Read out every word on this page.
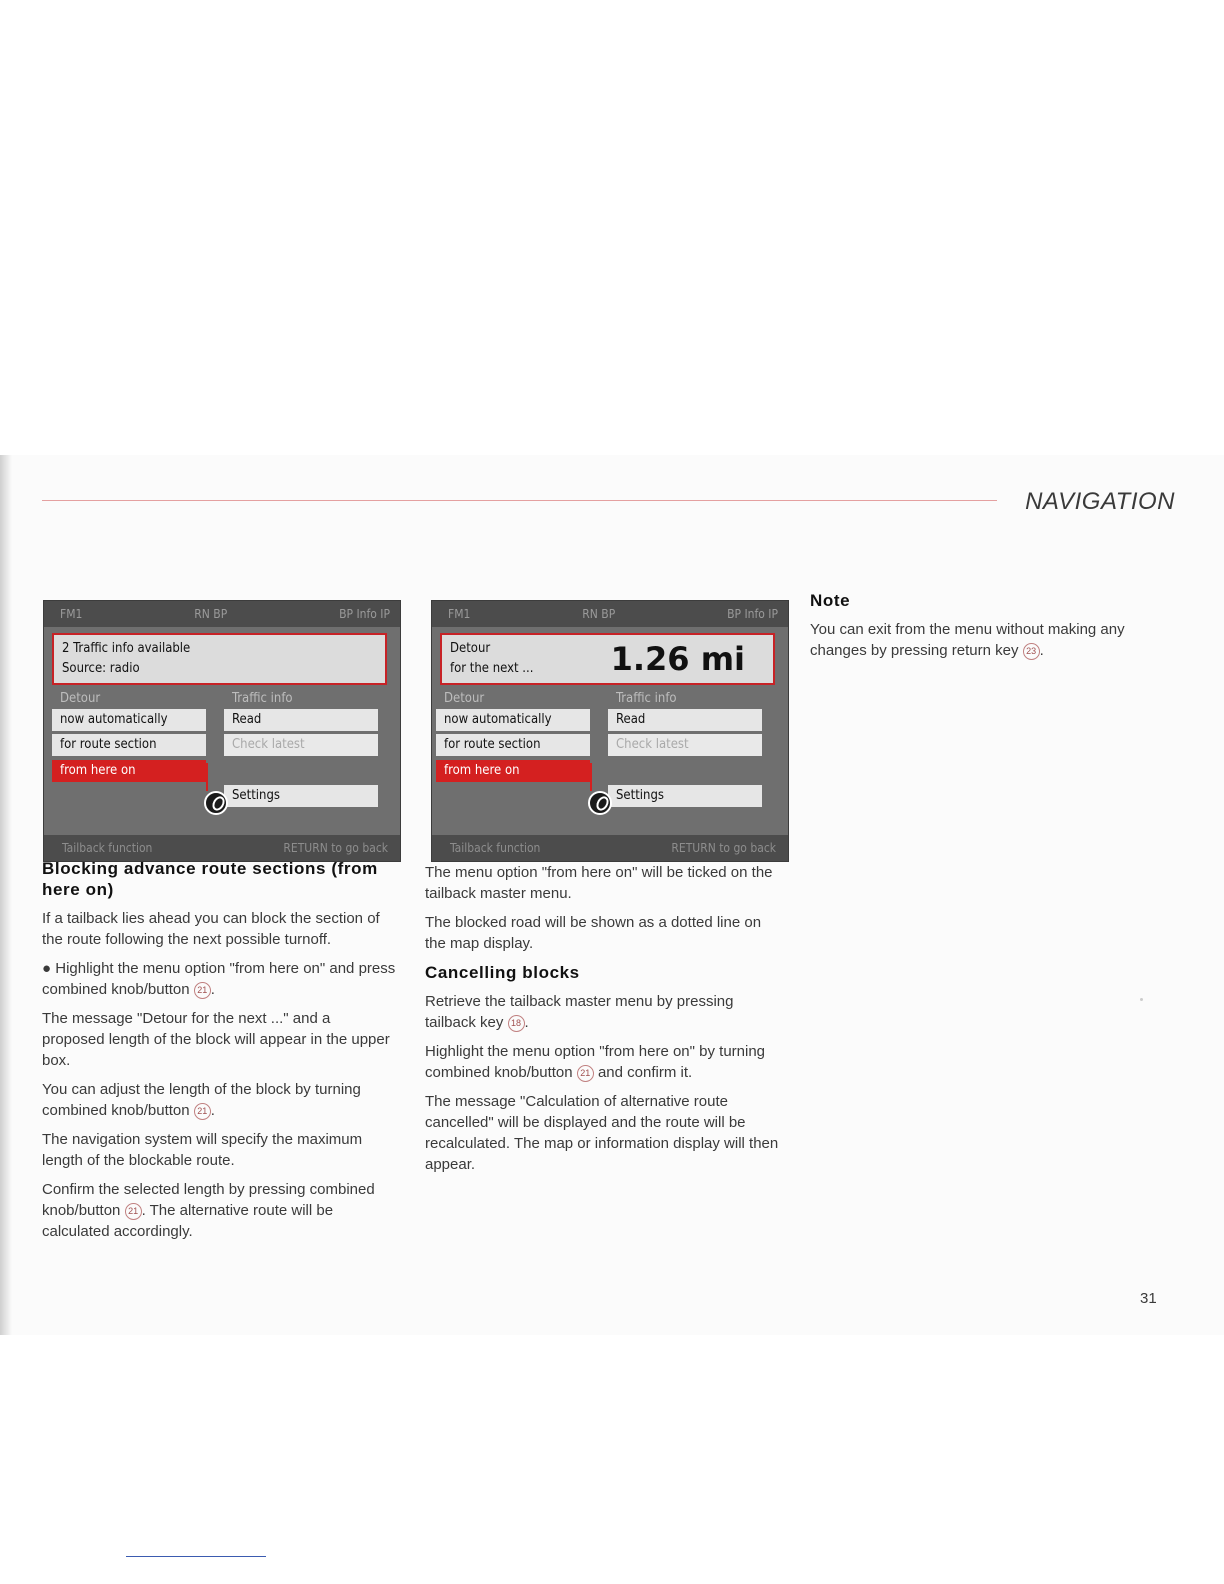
NAVIGATION
FM1	RN BP	BP Info IP
2 Traffic info available
Source: radio
Detour	Traffic info
now automatically
for route section
from here on
Read
Check latest
Settings
Tailback function	RETURN to go back
FM1	RN BP	BP Info IP
Detour
for the next ...	1.26 mi
Detour	Traffic info
now automatically
for route section
from here on
Read
Check latest
Settings
Tailback function	RETURN to go back
Blocking advance route sections (from here on)

If a tailback lies ahead you can block the section of the route following the next possible turnoff.

● Highlight the menu option "from here on" and press combined knob/button 21 .

The message "Detour for the next ..." and a proposed length of the block will appear in the upper box.

You can adjust the length of the block by turning combined knob/button 21 .

The navigation system will specify the maximum length of the blockable route.

Confirm the selected length by pressing combined knob/button 21 . The alternative route will be calculated accordingly.

The menu option "from here on" will be ticked on the tailback master menu.

The blocked road will be shown as a dotted line on the map display.

Cancelling blocks

Retrieve the tailback master menu by pressing tailback key 18 .

Highlight the menu option "from here on" by turning combined knob/button 21 and confirm it.

The message "Calculation of alternative route cancelled" will be displayed and the route will be recalculated. The map or information display will then appear.

Note

You can exit from the menu without making any changes by pressing return key 23 .

31
